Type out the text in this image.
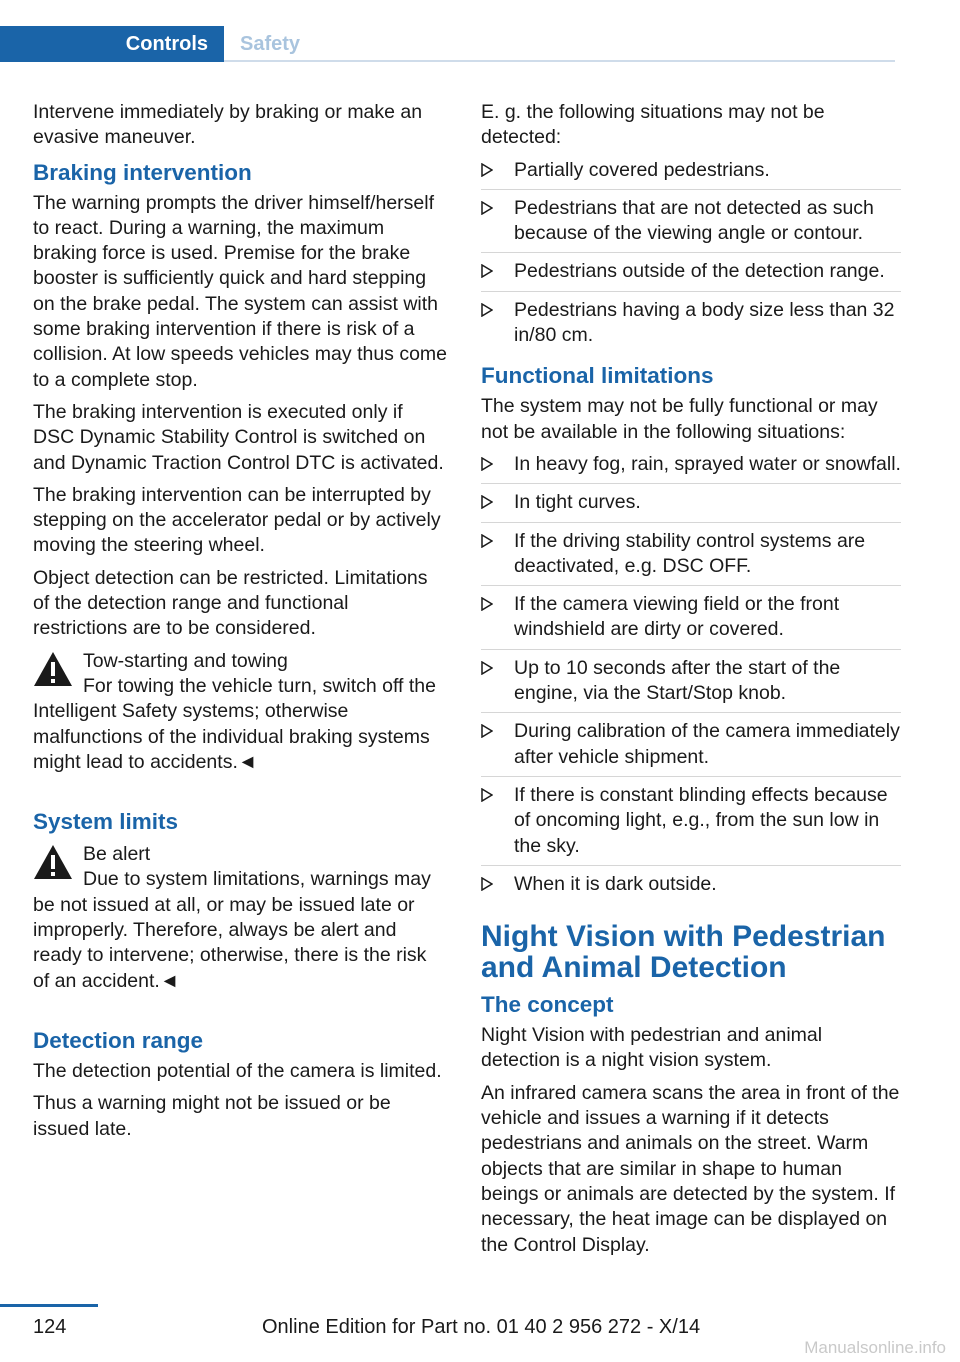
Controls	Safety

Intervene immediately by braking or make an evasive maneuver.

Braking intervention

The warning prompts the driver himself/herself to react. During a warning, the maximum braking force is used. Premise for the brake booster is sufficiently quick and hard stepping on the brake pedal. The system can assist with some braking intervention if there is risk of a collision. At low speeds vehicles may thus come to a complete stop.

The braking intervention is executed only if DSC Dynamic Stability Control is switched on and Dynamic Traction Control DTC is activated.

The braking intervention can be interrupted by stepping on the accelerator pedal or by actively moving the steering wheel.

Object detection can be restricted. Limitations of the detection range and functional restrictions are to be considered.

Tow-starting and towing
For towing the vehicle turn, switch off the Intelligent Safety systems; otherwise malfunctions of the individual braking systems might lead to accidents.◄
System limits
Be alert
Due to system limitations, warnings may be not issued at all, or may be issued late or improperly. Therefore, always be alert and ready to intervene; otherwise, there is the risk of an accident.◄
Detection range

The detection potential of the camera is limited.

Thus a warning might not be issued or be issued late.

E. g. the following situations may not be detected:

Partially covered pedestrians.
Pedestrians that are not detected as such because of the viewing angle or contour.
Pedestrians outside of the detection range.
Pedestrians having a body size less than 32 in/80 cm.
Functional limitations

The system may not be fully functional or may not be available in the following situations:

In heavy fog, rain, sprayed water or snowfall.
In tight curves.
If the driving stability control systems are deactivated, e.g. DSC OFF.
If the camera viewing field or the front windshield are dirty or covered.
Up to 10 seconds after the start of the engine, via the Start/Stop knob.
During calibration of the camera immediately after vehicle shipment.
If there is constant blinding effects because of oncoming light, e.g., from the sun low in the sky.
When it is dark outside.
Night Vision with Pedestrian and Animal Detection
The concept

Night Vision with pedestrian and animal detection is a night vision system.

An infrared camera scans the area in front of the vehicle and issues a warning if it detects pedestrians and animals on the street. Warm objects that are similar in shape to human beings or animals are detected by the system. If necessary, the heat image can be displayed on the Control Display.

124	Online Edition for Part no. 01 40 2 956 272 - X/14
Manualsonline.info
